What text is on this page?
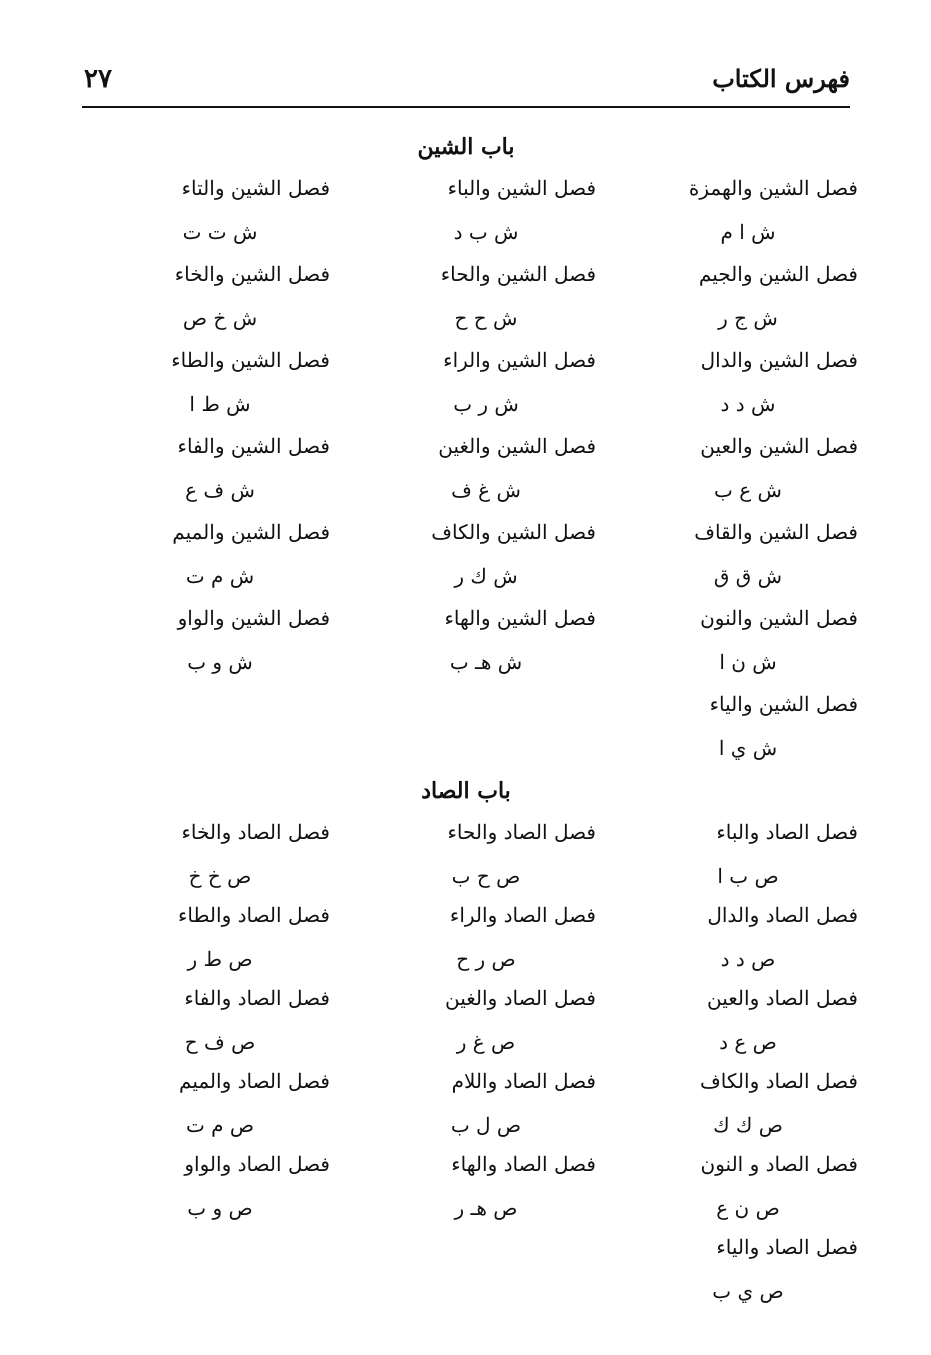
فهرس الكتاب
٢٧
باب الشين
فصل الشين والهمزة
ش ا م
فصل الشين والجيم
ش ج ر
فصل الشين والدال
ش د د
فصل الشين والعين
ش ع ب
فصل الشين والقاف
ش ق ق
فصل الشين والنون
ش ن ا
فصل الشين والياء
ش ي ا
فصل الشين والباء
ش ب د
فصل الشين والحاء
ش ح ح
فصل الشين والراء
ش ر ب
فصل الشين والغين
ش غ ف
فصل الشين والكاف
ش ك ر
فصل الشين والهاء
ش هـ ب
فصل الشين والتاء
ش ت ت
فصل الشين والخاء
ش خ ص
فصل الشين والطاء
ش ط ا
فصل الشين والفاء
ش ف ع
فصل الشين والميم
ش م ت
فصل الشين والواو
ش و ب
باب الصاد
فصل الصاد والباء
ص ب ا
فصل الصاد والدال
ص د د
فصل الصاد والعين
ص ع د
فصل الصاد والكاف
ص ك ك
فصل الصاد و النون
ص ن ع
فصل الصاد والياء
ص ي ب
فصل الصاد والحاء
ص ح ب
فصل الصاد والراء
ص ر ح
فصل الصاد والغين
ص غ ر
فصل الصاد واللام
ص ل ب
فصل الصاد والهاء
ص هـ ر
فصل الصاد والخاء
ص خ خ
فصل الصاد والطاء
ص ط ر
فصل الصاد والفاء
ص ف ح
فصل الصاد والميم
ص م ت
فصل الصاد والواو
ص و ب
